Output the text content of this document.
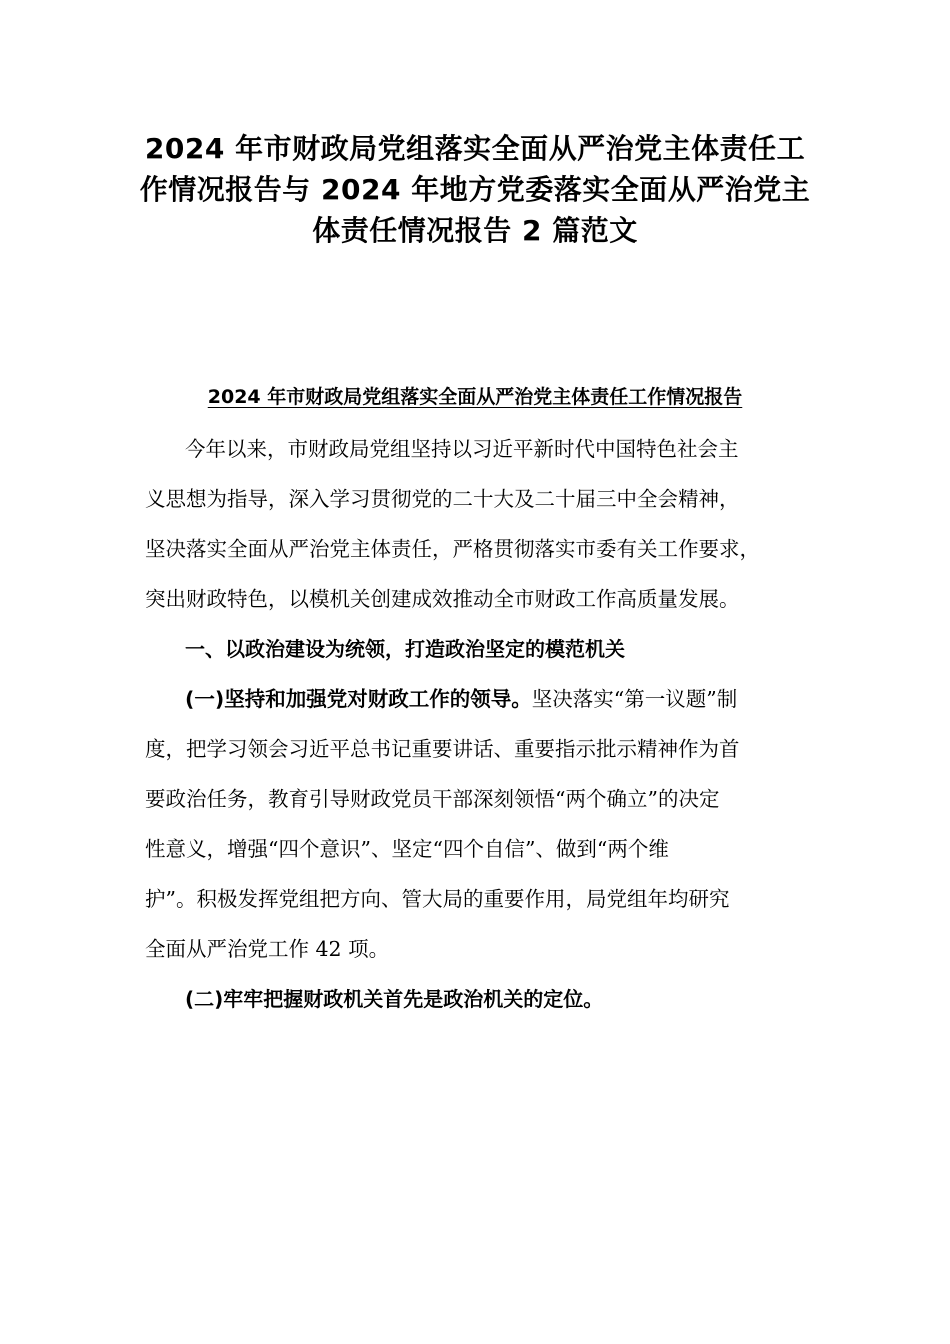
2024 年市财政局党组落实全面从严治党主体责任工
作情况报告与 2024 年地方党委落实全面从严治党主
体责任情况报告 2 篇范文
2024 年市财政局党组落实全面从严治党主体责任工作情况报告

今年以来，市财政局党组坚持以习近平新时代中国特色社会主

义思想为指导，深入学习贯彻党的二十大及二十届三中全会精神，

坚决落实全面从严治党主体责任，严格贯彻落实市委有关工作要求，

突出财政特色，以模机关创建成效推动全市财政工作高质量发展。

一、以政治建设为统领，打造政治坚定的模范机关

(一)坚持和加强党对财政工作的领导。坚决落实“第一议题”制

度，把学习领会习近平总书记重要讲话、重要指示批示精神作为首

要政治任务，教育引导财政党员干部深刻领悟“两个确立”的决定

性意义，增强“四个意识”、坚定“四个自信”、做到“两个维

护”。积极发挥党组把方向、管大局的重要作用，局党组年均研究

全面从严治党工作 42 项。

(二)牢牢把握财政机关首先是政治机关的定位。
